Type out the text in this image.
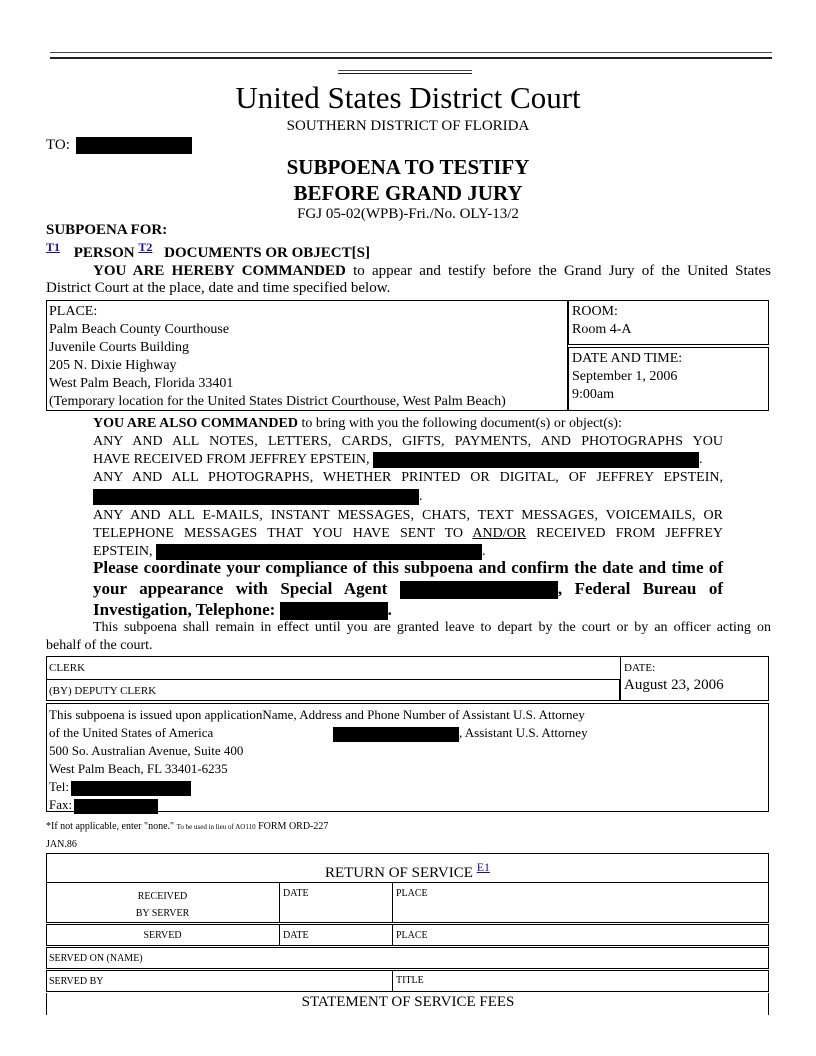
United States District Court
SOUTHERN DISTRICT OF FLORIDA
TO:
SUBPOENA TO TESTIFY
BEFORE GRAND JURY
FGJ 05-02(WPB)-Fri./No. OLY-13/2
SUBPOENA FOR:
$^{T1}$ PERSON $^{T2}$ DOCUMENTS OR OBJECT[S]
YOU ARE HEREBY COMMANDED to appear and testify before the Grand Jury of the United States
District Court at the place, date and time specified below.
PLACE:
Palm Beach County Courthouse
Juvenile Courts Building
205 N. Dixie Highway
West Palm Beach, Florida 33401
(Temporary location for the United States District Courthouse, West Palm Beach)
ROOM:
Room 4-A
DATE AND TIME:
September 1, 2006
9:00am
YOU ARE ALSO COMMANDED to bring with you the following document(s) or object(s):
ANY AND ALL NOTES, LETTERS, CARDS, GIFTS, PAYMENTS, AND PHOTOGRAPHS YOU
HAVE RECEIVED FROM JEFFREY EPSTEIN,	.
ANY AND ALL PHOTOGRAPHS, WHETHER PRINTED OR DIGITAL, OF JEFFREY EPSTEIN,
.
ANY AND ALL E-MAILS, INSTANT MESSAGES, CHATS, TEXT MESSAGES, VOICEMAILS, OR
TELEPHONE MESSAGES THAT YOU HAVE SENT TO AND/OR RECEIVED FROM JEFFREY
EPSTEIN,	.
Please coordinate your compliance of this subpoena and confirm the date and time of
your appearance with Special Agent	, Federal Bureau of
Investigation, Telephone:	.
This subpoena shall remain in effect until you are granted leave to depart by the court or by an officer acting on
behalf of the court.
CLERK
(BY) DEPUTY CLERK
DATE:
August 23, 2006
This subpoena is issued upon applicationName, Address and Phone Number of Assistant U.S. Attorney
of the United States of America	, Assistant U.S. Attorney
500 So. Australian Avenue, Suite 400
West Palm Beach, FL 33401-6235
Tel:
Fax:
*If not applicable, enter "none." To be used in lieu of AO110 FORM ORD-227
JAN.86
RETURN OF SERVICE $^{E1}$
RECEIVED
BY SERVER
DATE	PLACE
SERVED	DATE	PLACE
SERVED ON (NAME)
SERVED BY	TITLE
STATEMENT OF SERVICE FEES
